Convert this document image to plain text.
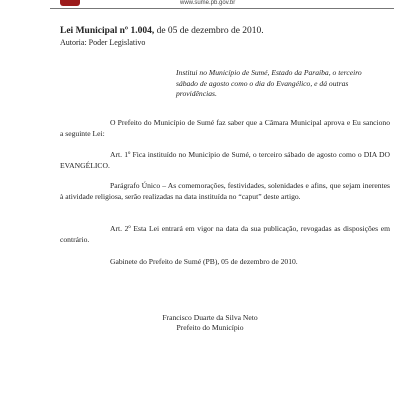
www.sume.pb.gov.br
Lei Municipal nº 1.004, de 05 de dezembro de 2010.
Autoria: Poder Legislativo
Institui no Município de Sumé, Estado da Paraíba, o terceiro sábado de agosto como o dia do Evangélico, e dá outras providências.
O Prefeito do Município de Sumé faz saber que a Câmara Municipal aprova e Eu sanciono a seguinte Lei:
Art. 1º Fica instituído no Município de Sumé, o terceiro sábado de agosto como o DIA DO EVANGÉLICO.
Parágrafo Único – As comemorações, festividades, solenidades e afins, que sejam inerentes à atividade religiosa, serão realizadas na data instituída no “caput” deste artigo.
Art. 2º Esta Lei entrará em vigor na data da sua publicação, revogadas as disposições em contrário.
Gabinete do Prefeito de Sumé (PB), 05 de dezembro de 2010.
Francisco Duarte da Silva Neto
Prefeito do Município
